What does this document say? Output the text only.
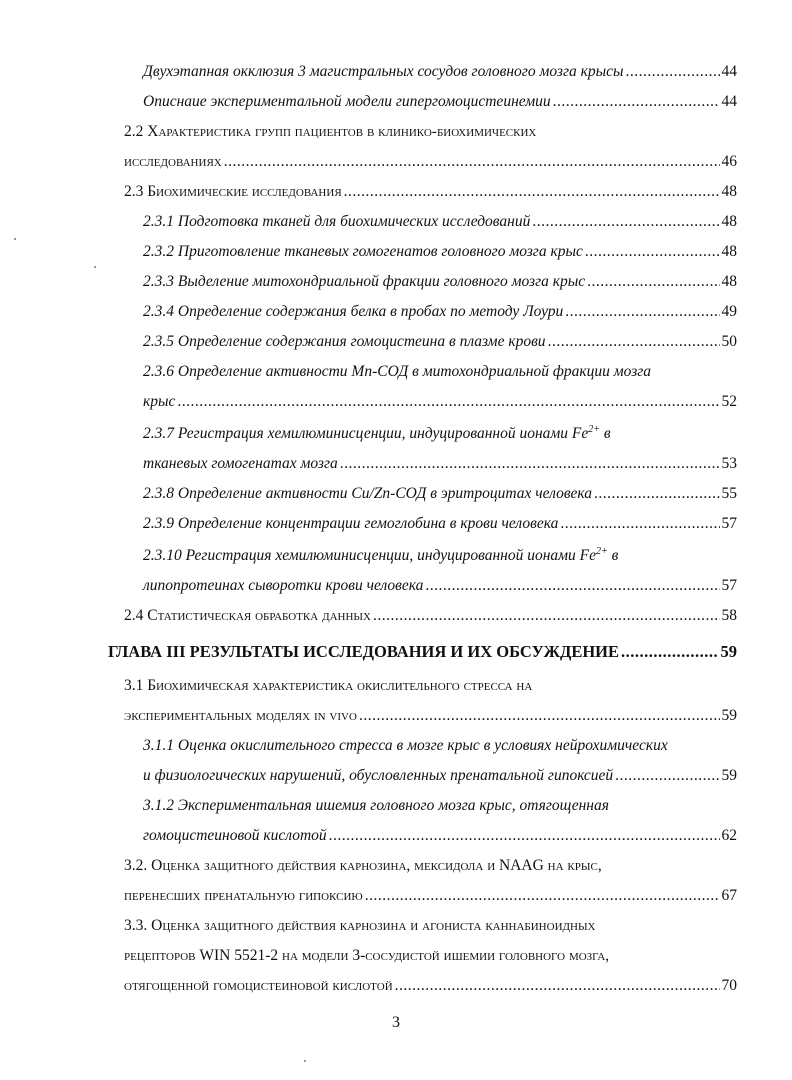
Двухэтапная окклюзия 3 магистральных сосудов головного мозга крысы .....	44
Описнаие экспериментальной модели гипергомоцистеинемии .....	44
2.2 Характеристика групп пациентов в клинико-биохимических
исследованиях .....	46
2.3 Биохимические исследования .....	48
2.3.1 Подготовка тканей для биохимических исследований .....	48
2.3.2 Приготовление тканевых гомогенатов головного мозга крыс .....	48
2.3.3 Выделение митохондриальной фракции головного мозга крыс .....	48
2.3.4 Определение содержания белка в пробах по методу Лоури .....	49
2.3.5 Определение содержания гомоцистеина в плазме крови .....	50
2.3.6 Определение активности Mn-СОД в митохондриальной фракции мозга
крыс .....	52
2.3.7 Регистрация хемилюминисценции, индуцированной ионами $Fe^{2+}$ в
тканевых гомогенатах мозга .....	53
2.3.8 Определение активности Cu/Zn-СОД в эритроцитах человека .....	55
2.3.9 Определение концентрации гемоглобина в крови человека .....	57
2.3.10 Регистрация хемилюминисценции, индуцированной ионами $Fe^{2+}$ в
липопротеинах сыворотки крови человека .....	57
2.4 Статистическая обработка данных .....	58
ГЛАВА III РЕЗУЛЬТАТЫ ИССЛЕДОВАНИЯ И ИХ ОБСУЖДЕНИЕ .....	59
3.1 Биохимическая характеристика окислительного стресса на
экспериментальных моделях in vivo .....	59
3.1.1 Оценка окислительного стресса в мозге крыс в условиях нейрохимических
и физиологических нарушений, обусловленных пренатальной гипоксией .....	59
3.1.2 Экспериментальная ишемия головного мозга крыс, отягощенная
гомоцистеиновой кислотой .....	62
3.2. Оценка защитного действия карнозина, мексидола и NAAG на крыс,
перенесших пренатальную гипоксию .....	67
3.3. Оценка защитного действия карнозина и агониста каннабиноидных
рецепторов WIN 5521-2 на модели 3-сосудистой ишемии головного мозга,
отягощенной гомоцистеиновой кислотой .....	70
3
